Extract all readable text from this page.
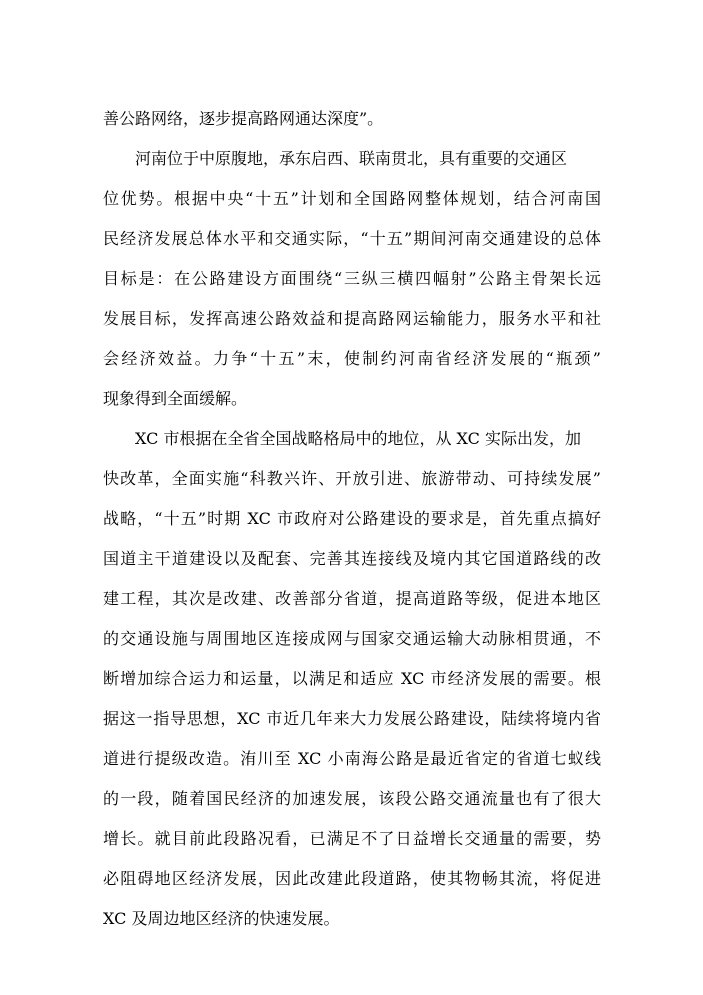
善公路网络，逐步提高路网通达深度”。
河南位于中原腹地，承东启西、联南贯北，具有重要的交通区
位优势。根据中央“十五”计划和全国路网整体规划，结合河南国
民经济发展总体水平和交通实际，“十五”期间河南交通建设的总体
目标是：在公路建设方面围绕“三纵三横四幅射”公路主骨架长远
发展目标，发挥高速公路效益和提高路网运输能力，服务水平和社
会经济效益。力争“十五”末，使制约河南省经济发展的“瓶颈”
现象得到全面缓解。
XC 市根据在全省全国战略格局中的地位，从 XC 实际出发，加
快改革，全面实施“科教兴许、开放引进、旅游带动、可持续发展”
战略，“十五”时期 XC 市政府对公路建设的要求是，首先重点搞好
国道主干道建设以及配套、完善其连接线及境内其它国道路线的改
建工程，其次是改建、改善部分省道，提高道路等级，促进本地区
的交通设施与周围地区连接成网与国家交通运输大动脉相贯通，不
断增加综合运力和运量，以满足和适应 XC 市经济发展的需要。根
据这一指导思想，XC 市近几年来大力发展公路建设，陆续将境内省
道进行提级改造。洧川至 XC 小南海公路是最近省定的省道七蚁线
的一段，随着国民经济的加速发展，该段公路交通流量也有了很大
增长。就目前此段路况看，已满足不了日益增长交通量的需要，势
必阻碍地区经济发展，因此改建此段道路，使其物畅其流，将促进
XC 及周边地区经济的快速发展。
